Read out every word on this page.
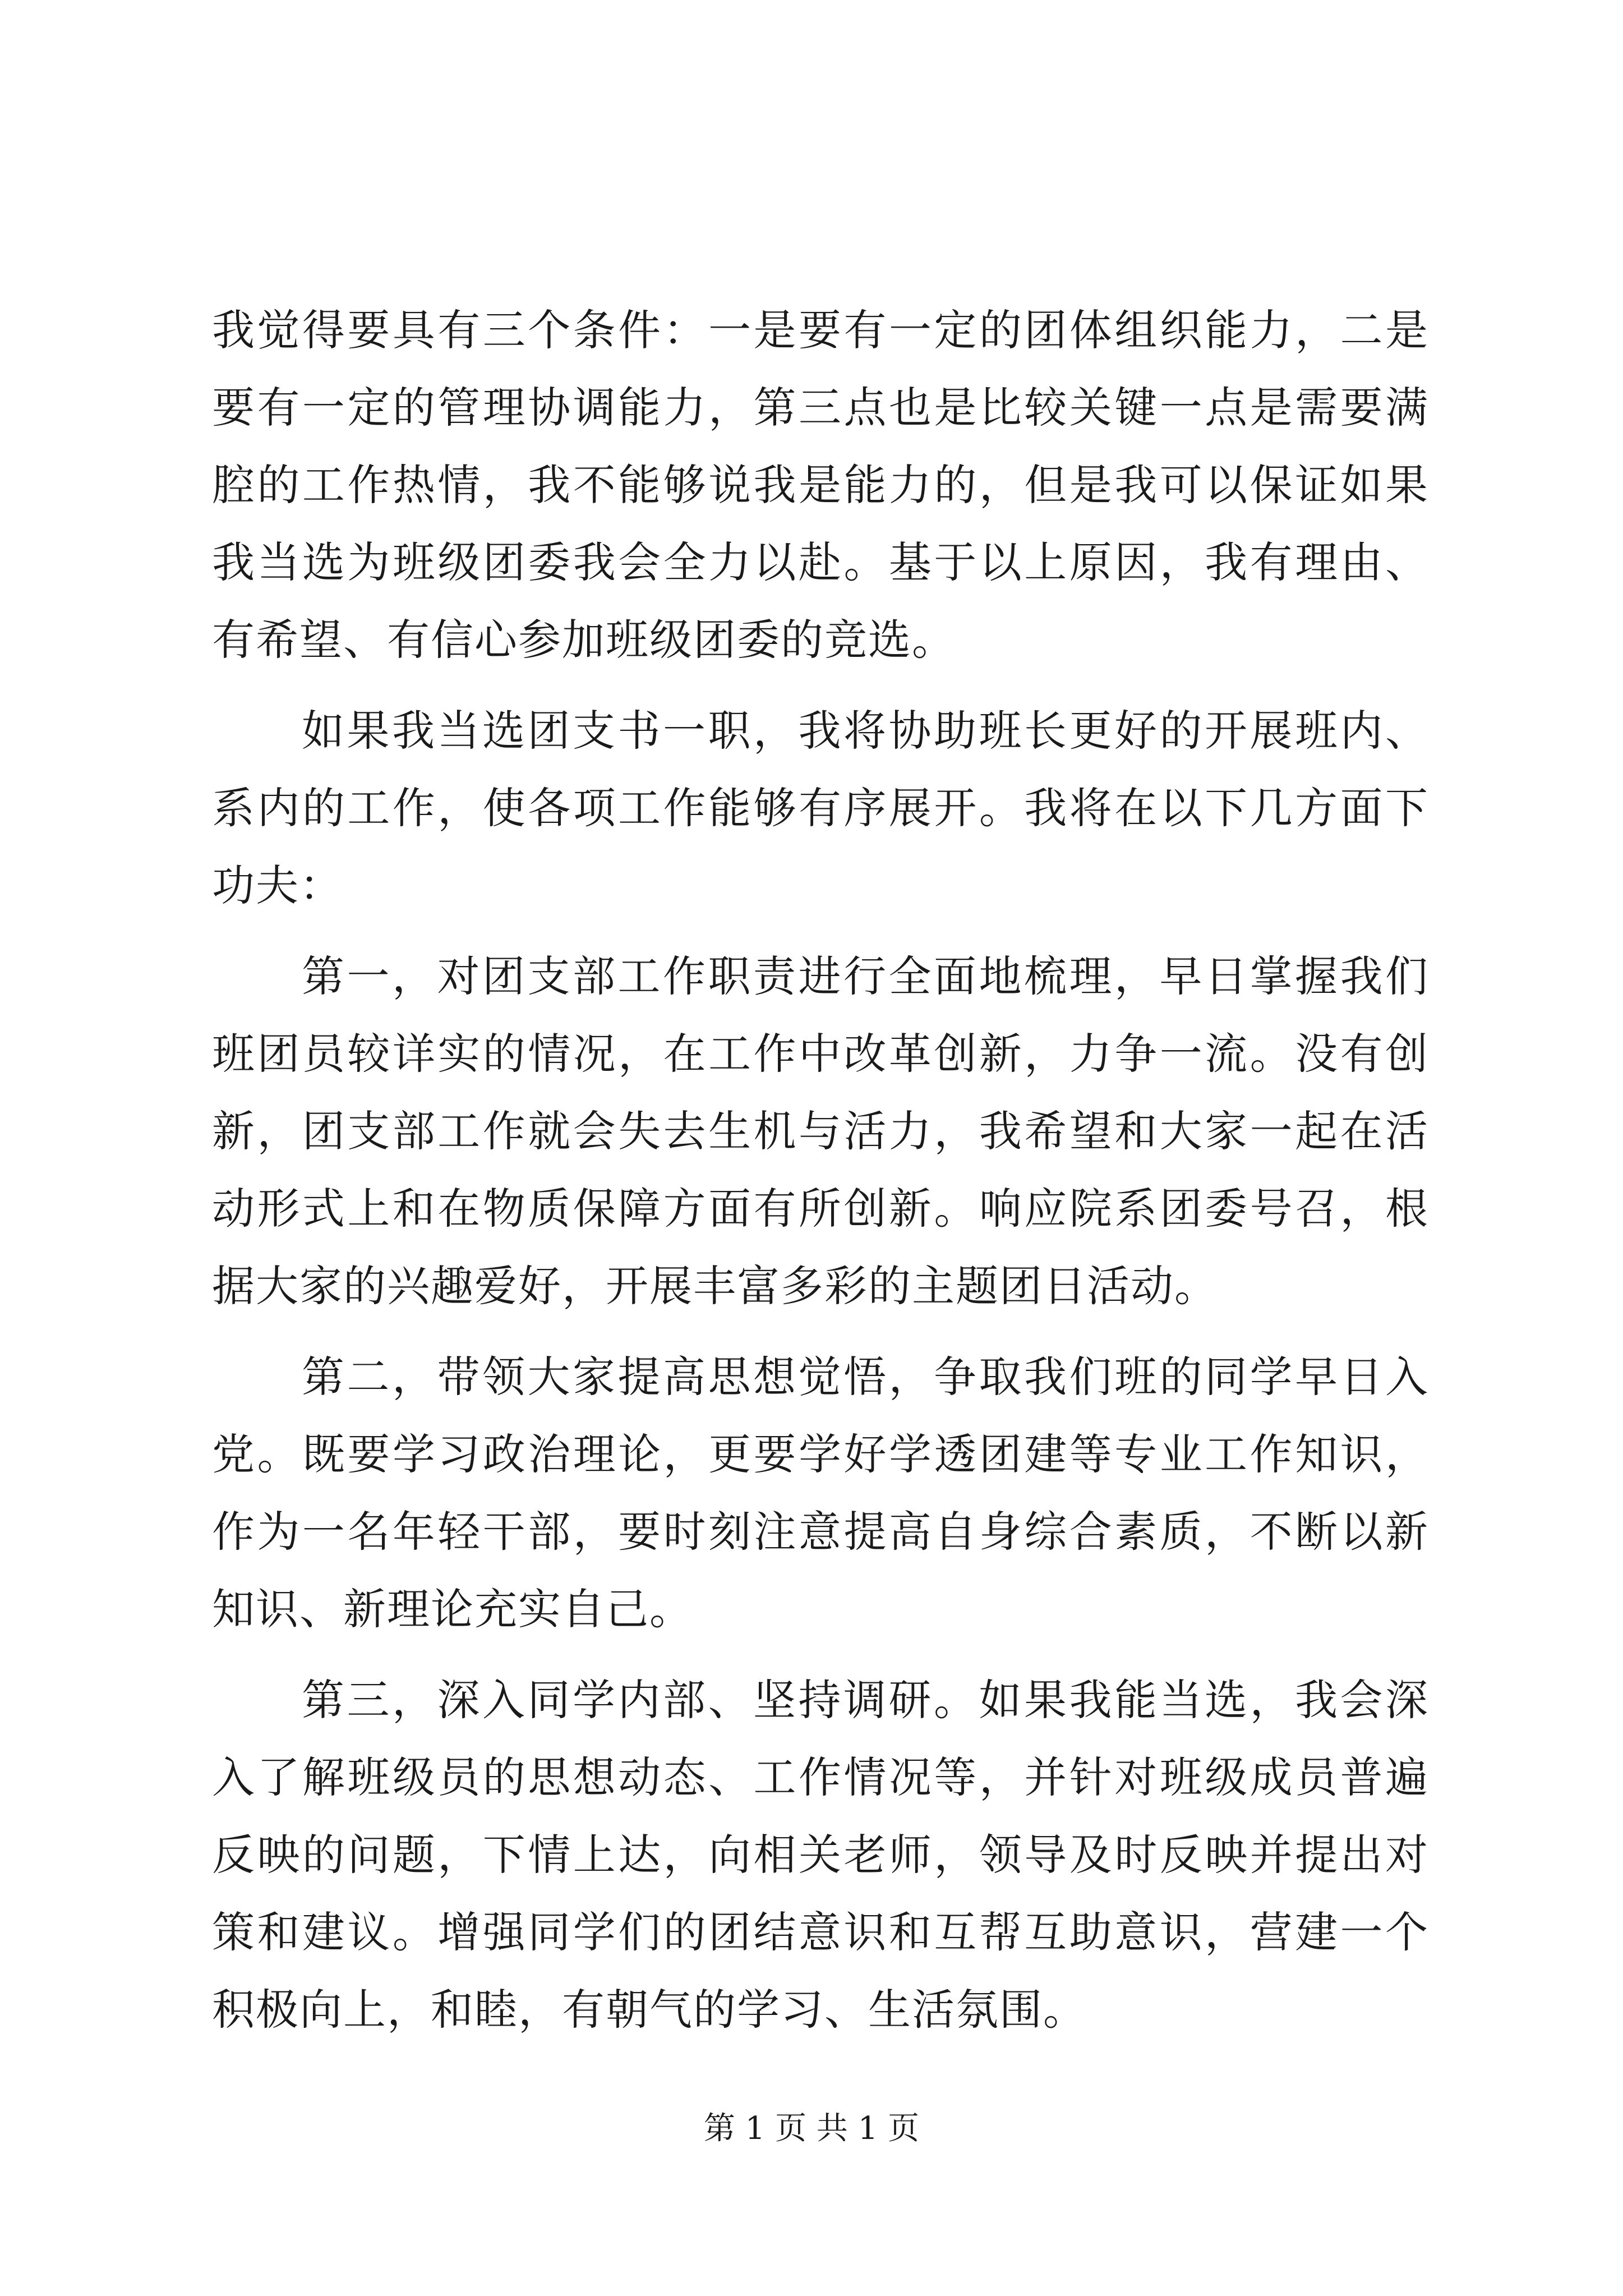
我觉得要具有三个条件：一是要有一定的团体组织能力，二是要有一定的管理协调能力，第三点也是比较关键一点是需要满腔的工作热情，我不能够说我是能力的，但是我可以保证如果我当选为班级团委我会全力以赴。基于以上原因，我有理由、有希望、有信心参加班级团委的竞选。

如果我当选团支书一职，我将协助班长更好的开展班内、系内的工作，使各项工作能够有序展开。我将在以下几方面下功夫：

第一，对团支部工作职责进行全面地梳理，早日掌握我们班团员较详实的情况，在工作中改革创新，力争一流。没有创新，团支部工作就会失去生机与活力，我希望和大家一起在活动形式上和在物质保障方面有所创新。响应院系团委号召，根据大家的兴趣爱好，开展丰富多彩的主题团日活动。

第二，带领大家提高思想觉悟，争取我们班的同学早日入党。既要学习政治理论，更要学好学透团建等专业工作知识，作为一名年轻干部，要时刻注意提高自身综合素质，不断以新知识、新理论充实自己。

第三，深入同学内部、坚持调研。如果我能当选，我会深入了解班级员的思想动态、工作情况等，并针对班级成员普遍反映的问题，下情上达，向相关老师，领导及时反映并提出对策和建议。增强同学们的团结意识和互帮互助意识，营建一个积极向上，和睦，有朝气的学习、生活氛围。

第 1 页 共 1 页
